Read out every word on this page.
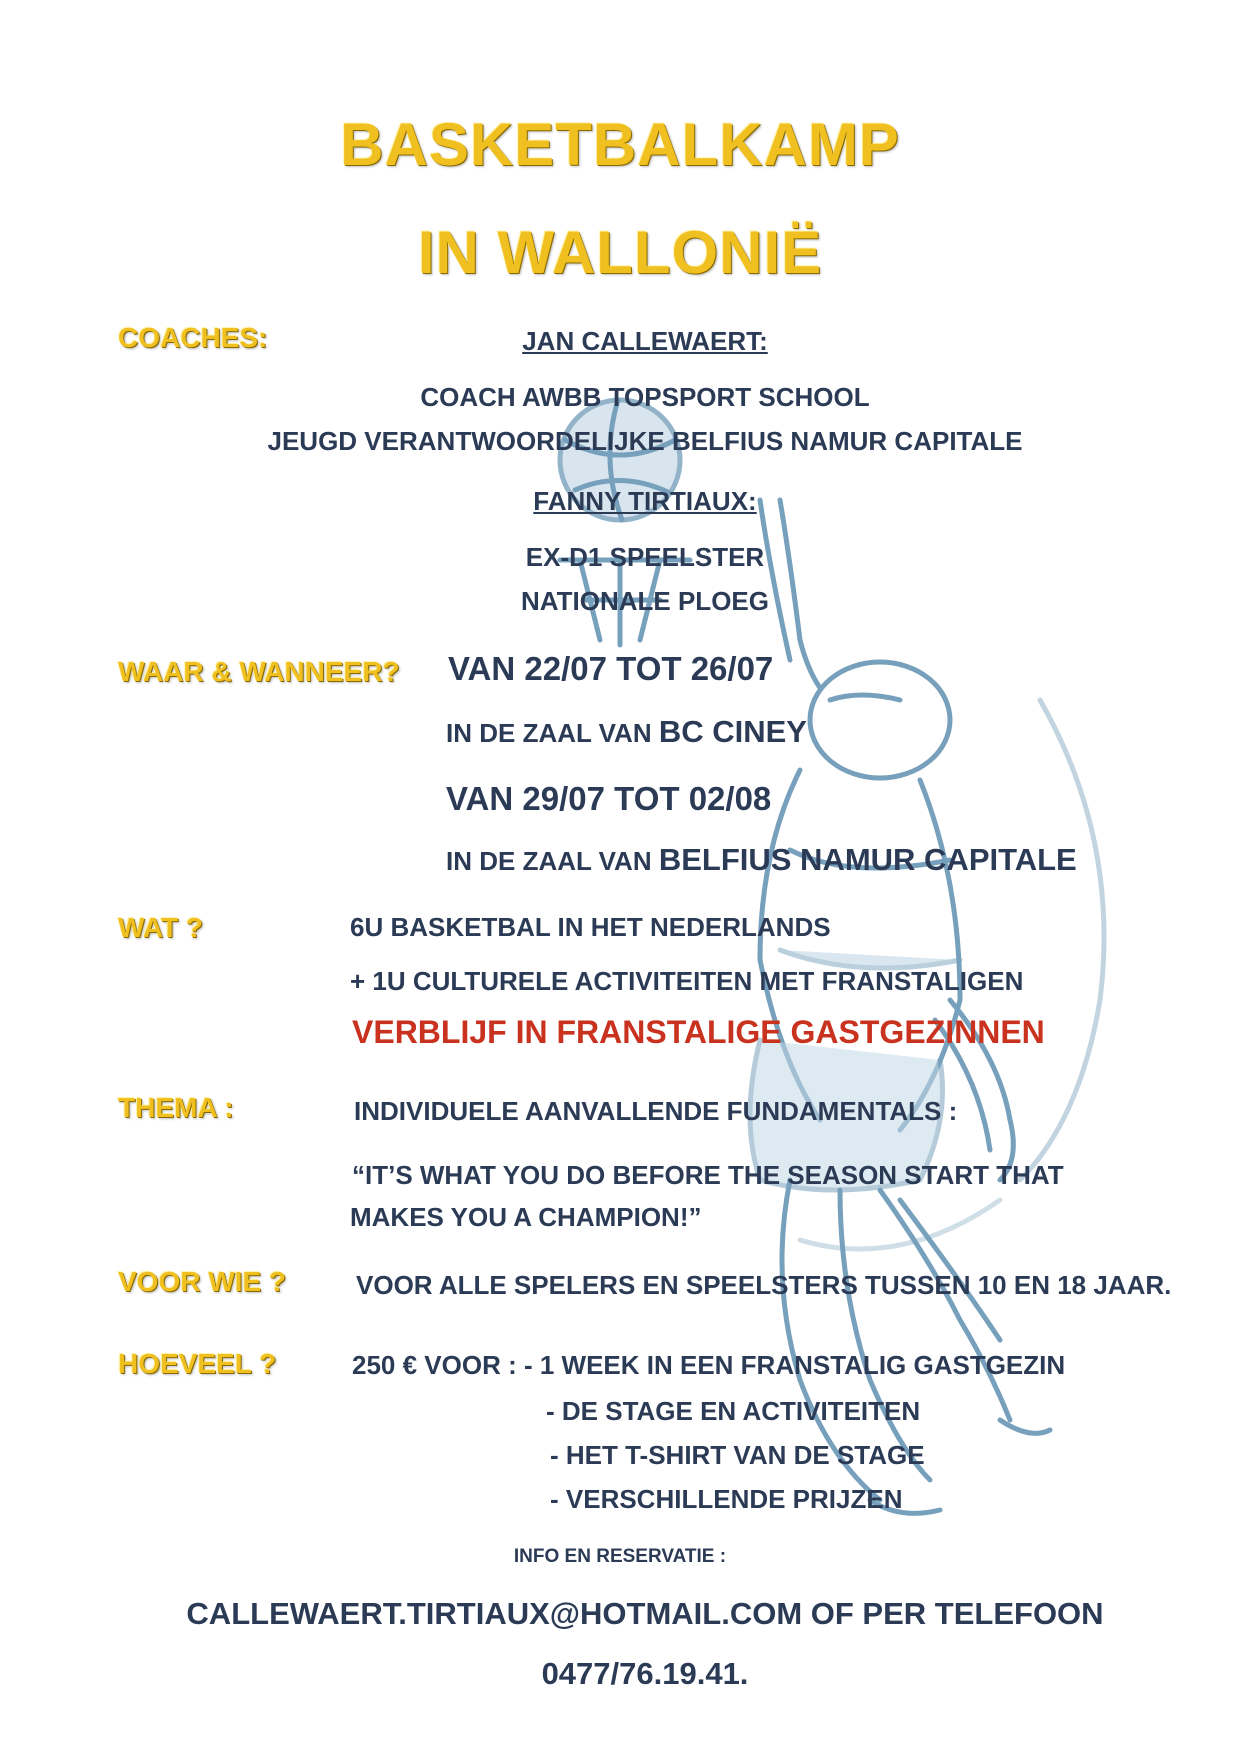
BASKETBALKAMP
IN WALLONIË
COACHES:	JAN CALLEWAERT:
COACH AWBB TOPSPORT SCHOOL
JEUGD VERANTWOORDELIJKE BELFIUS NAMUR CAPITALE
FANNY TIRTIAUX:
EX-D1 SPEELSTER
NATIONALE PLOEG
WAAR & WANNEER? VAN 22/07 TOT 26/07
IN DE ZAAL VAN BC CINEY
VAN 29/07 TOT 02/08
IN DE ZAAL VAN BELFIUS NAMUR CAPITALE
WAT ?	6U BASKETBAL IN HET NEDERLANDS
+ 1U CULTURELE ACTIVITEITEN MET FRANSTALIGEN
VERBLIJF IN FRANSTALIGE GASTGEZINNEN
THEMA :	INDIVIDUELE AANVALLENDE FUNDAMENTALS :
“IT’S WHAT YOU DO BEFORE THE SEASON START THAT
MAKES YOU A CHAMPION!”
VOOR WIE ?	VOOR ALLE SPELERS EN SPEELSTERS TUSSEN 10 EN 18 JAAR.
HOEVEEL ?	250 € VOOR : - 1 WEEK IN EEN FRANSTALIG GASTGEZIN
- DE STAGE EN ACTIVITEITEN
- HET T-SHIRT VAN DE STAGE
- VERSCHILLENDE PRIJZEN
INFO EN RESERVATIE :
CALLEWAERT.TIRTIAUX@HOTMAIL.COM OF PER TELEFOON
0477/76.19.41.
